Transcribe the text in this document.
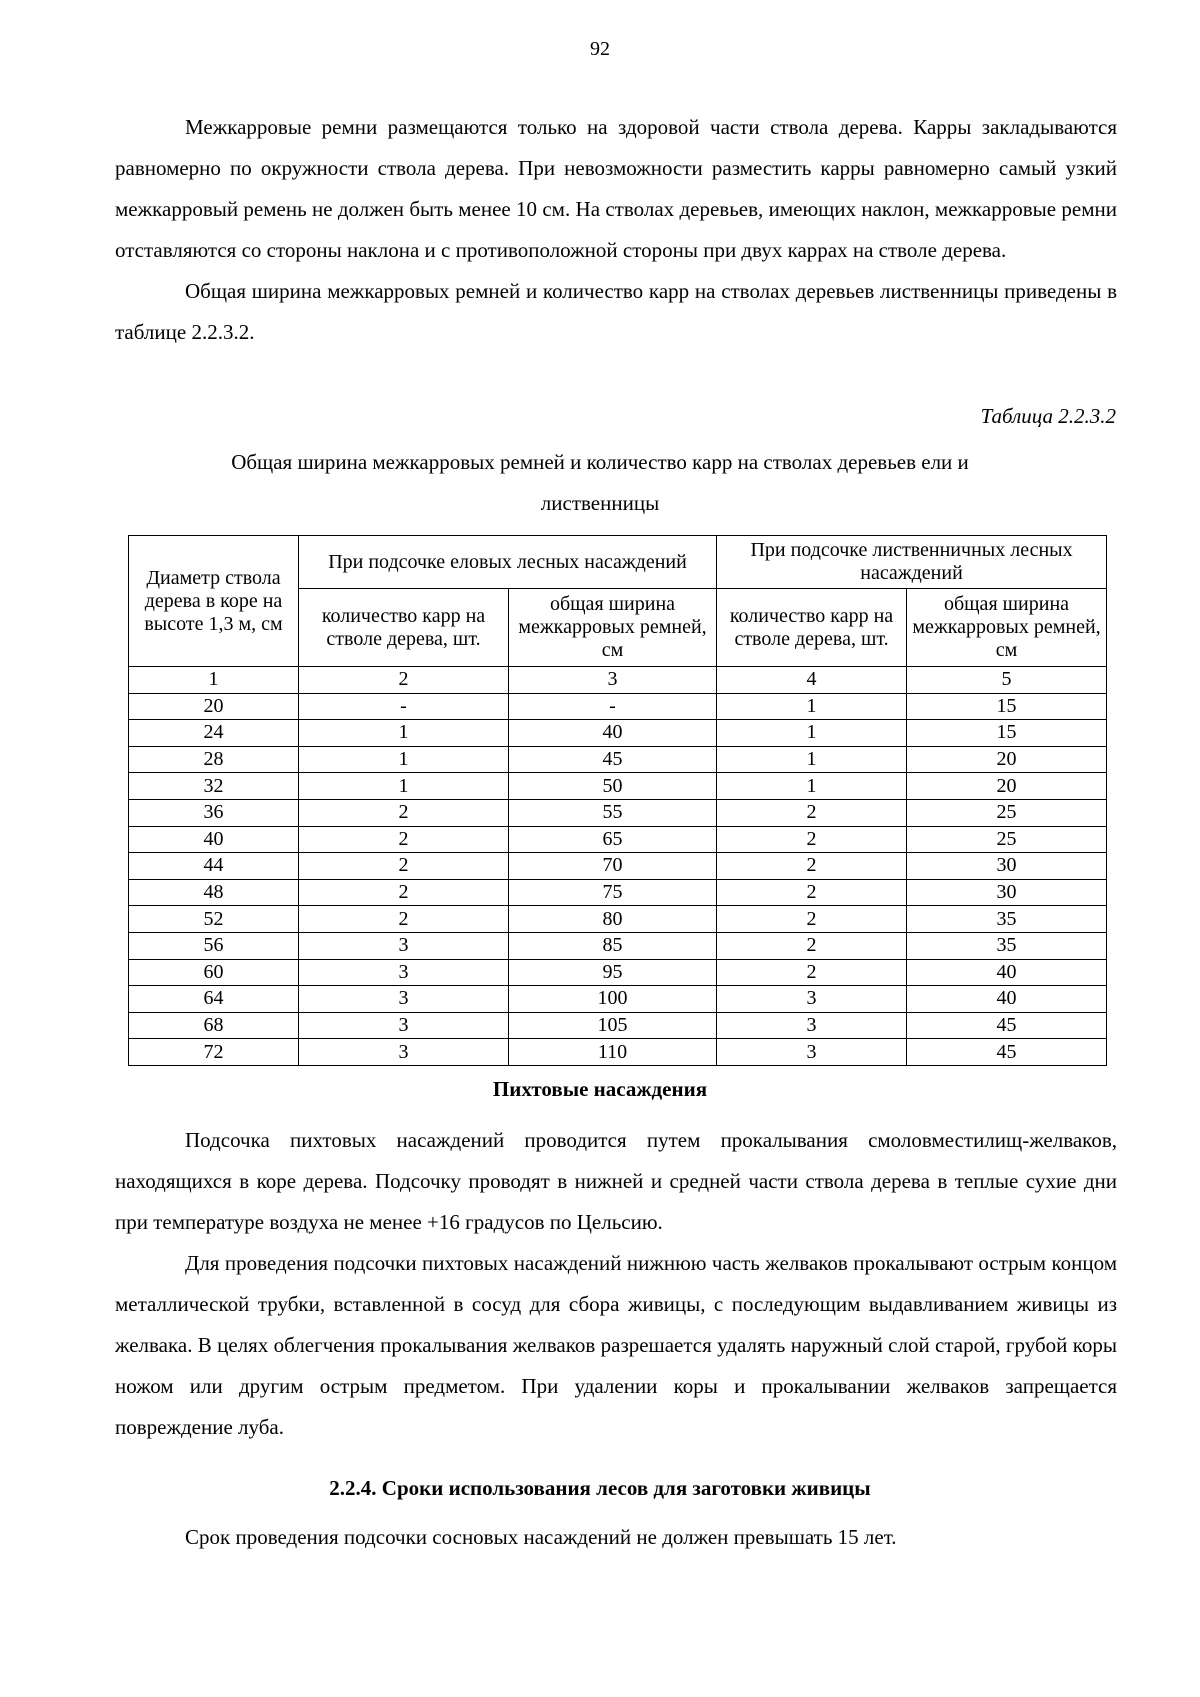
92

Межкарровые ремни размещаются только на здоровой части ствола дерева. Карры закладываются равномерно по окружности ствола дерева. При невозможности разместить карры равномерно самый узкий межкарровый ремень не должен быть менее 10 см. На стволах деревьев, имеющих наклон, межкарровые ремни отставляются со стороны наклона и с противоположной стороны при двух каррах на стволе дерева.

Общая ширина межкарровых ремней и количество карр на стволах деревьев лиственницы приведены в таблице 2.2.3.2.

Таблица 2.2.3.2
Общая ширина межкарровых ремней и количество карр на стволах деревьев ели и лиственницы
Диаметр ствола дерева в коре на высоте 1,3 м, см	При подсочке еловых лесных насаждений		При подсочке лиственничных лесных насаждений	
	количество карр на стволе дерева, шт.	общая ширина межкарровых ремней, см	количество карр на стволе дерева, шт.	общая ширина межкарровых ремней, см
1	2	3	4	5
20	-	-	1	15
24	1	40	1	15
28	1	45	1	20
32	1	50	1	20
36	2	55	2	25
40	2	65	2	25
44	2	70	2	30
48	2	75	2	30
52	2	80	2	35
56	3	85	2	35
60	3	95	2	40
64	3	100	3	40
68	3	105	3	45
72	3	110	3	45
Пихтовые насаждения

Подсочка пихтовых насаждений проводится путем прокалывания смоловместилищ-желваков, находящихся в коре дерева. Подсочку проводят в нижней и средней части ствола дерева в теплые сухие дни при температуре воздуха не менее +16 градусов по Цельсию.

Для проведения подсочки пихтовых насаждений нижнюю часть желваков прокалывают острым концом металлической трубки, вставленной в сосуд для сбора живицы, с последующим выдавливанием живицы из желвака. В целях облегчения прокалывания желваков разрешается удалять наружный слой старой, грубой коры ножом или другим острым предметом. При удалении коры и прокалывании желваков запрещается повреждение луба.

2.2.4. Сроки использования лесов для заготовки живицы

Срок проведения подсочки сосновых насаждений не должен превышать 15 лет.
